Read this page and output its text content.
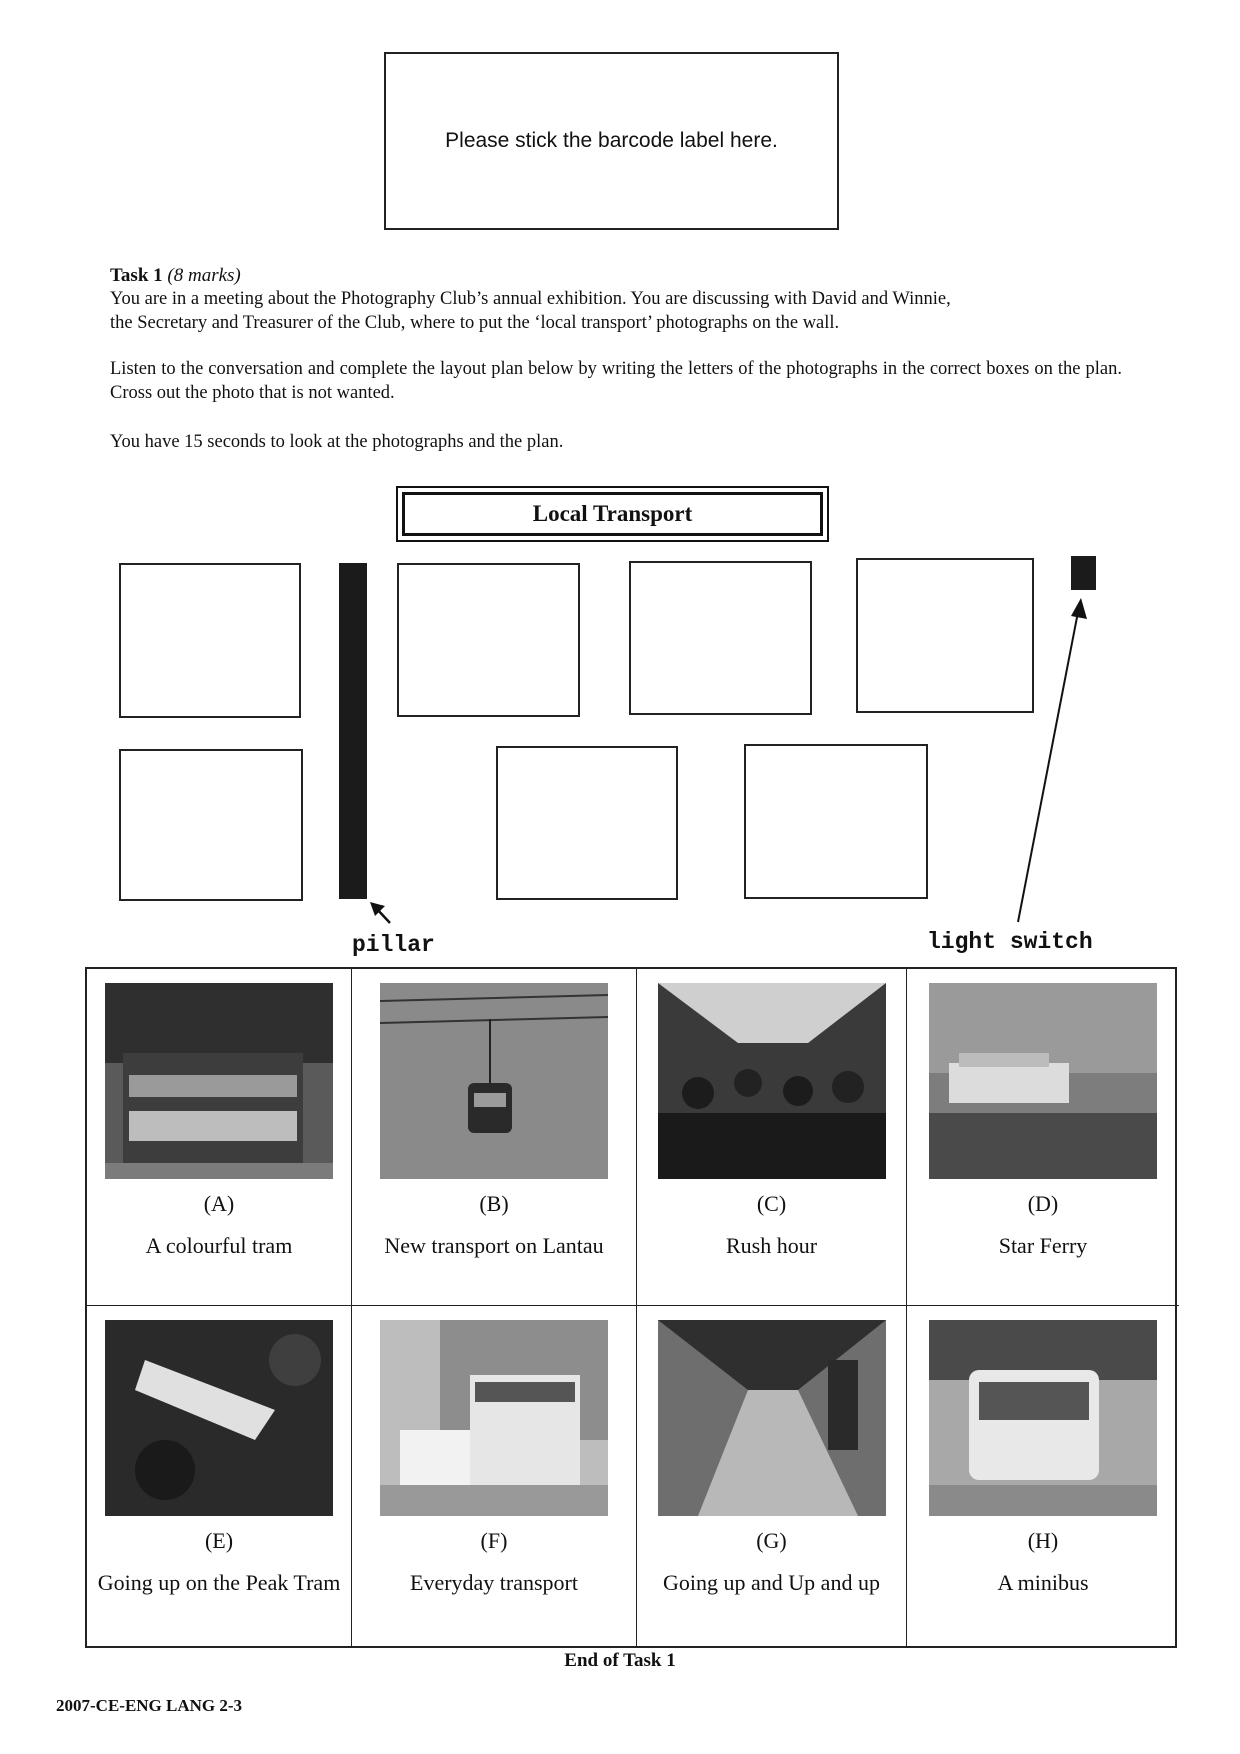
Please stick the barcode label here.
Task 1 (8 marks)
You are in a meeting about the Photography Club’s annual exhibition. You are discussing with David and Winnie,
the Secretary and Treasurer of the Club, where to put the ‘local transport’ photographs on the wall.
Listen to the conversation and complete the layout plan below by writing the letters of the photographs in the correct boxes on the plan. Cross out the photo that is not wanted.
You have 15 seconds to look at the photographs and the plan.
Local Transport
pillar	light switch
(A)
A colourful tram
(B)
New transport on Lantau
(C)
Rush hour
(D)
Star Ferry
(E)
Going up on the Peak Tram
(F)
Everyday transport
(G)
Going up and Up and up
(H)
A minibus
End of Task 1
2007-CE-ENG LANG 2-3
